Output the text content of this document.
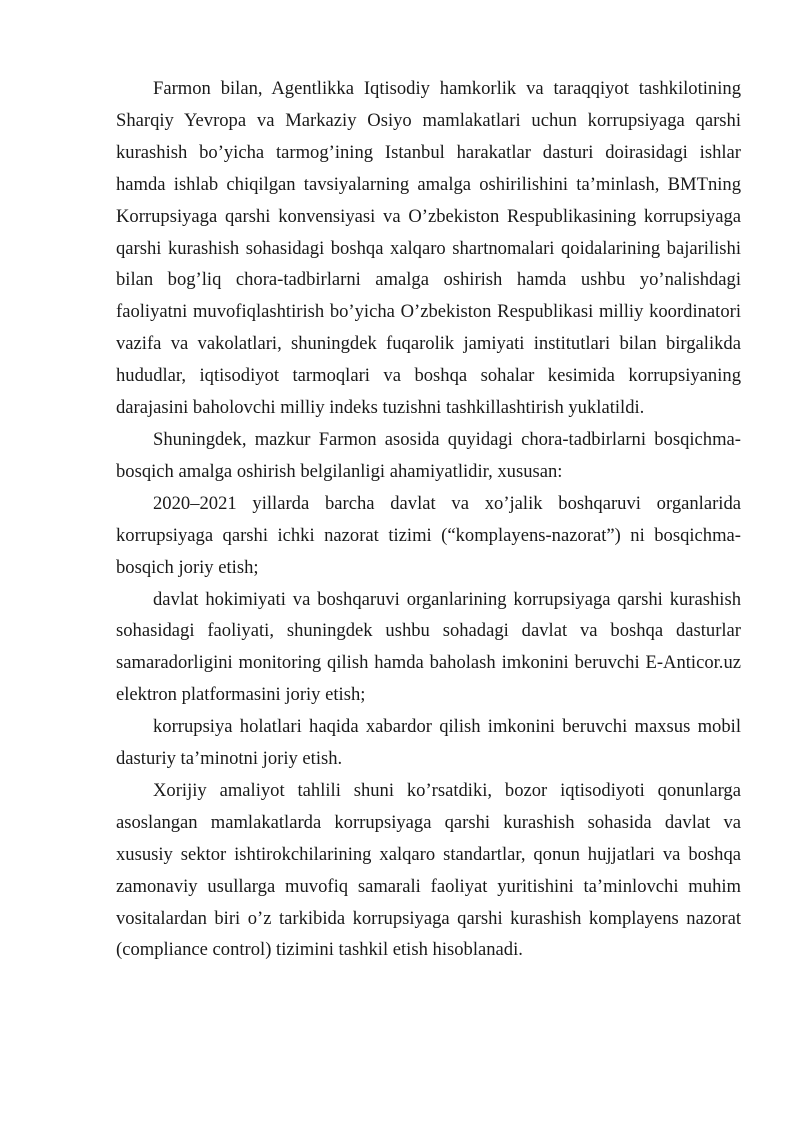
Farmon bilan, Agentlikka Iqtisodiy hamkorlik va taraqqiyot tashkilotining Sharqiy Yevropa va Markaziy Osiyo mamlakatlari uchun korrupsiyaga qarshi kurashish bo’yicha tarmog’ining Istanbul harakatlar dasturi doirasidagi ishlar hamda ishlab chiqilgan tavsiyalarning amalga oshirilishini ta’minlash, BMTning Korrupsiyaga qarshi konvensiyasi va O’zbekiston Respublikasining korrupsiyaga qarshi kurashish sohasidagi boshqa xalqaro shartnomalari qoidalarining bajarilishi bilan bog’liq chora-tadbirlarni amalga oshirish hamda ushbu yo’nalishdagi faoliyatni muvofiqlashtirish bo’yicha O’zbekiston Respublikasi milliy koordinatori vazifa va vakolatlari, shuningdek fuqarolik jamiyati institutlari bilan birgalikda hududlar, iqtisodiyot tarmoqlari va boshqa sohalar kesimida korrupsiyaning darajasini baholovchi milliy indeks tuzishni tashkillashtirish yuklatildi.

Shuningdek, mazkur Farmon asosida quyidagi chora-tadbirlarni bosqichma-bosqich amalga oshirish belgilanligi ahamiyatlidir, xususan:

2020–2021 yillarda barcha davlat va xo’jalik boshqaruvi organlarida korrupsiyaga qarshi ichki nazorat tizimi (“komplayens-nazorat”) ni bosqichma-bosqich joriy etish;

davlat hokimiyati va boshqaruvi organlarining korrupsiyaga qarshi kurashish sohasidagi faoliyati, shuningdek ushbu sohadagi davlat va boshqa dasturlar samaradorligini monitoring qilish hamda baholash imkonini beruvchi E-Anticor.uz elektron platformasini joriy etish;

korrupsiya holatlari haqida xabardor qilish imkonini beruvchi maxsus mobil dasturiy ta’minotni joriy etish.

Xorijiy amaliyot tahlili shuni ko’rsatdiki, bozor iqtisodiyoti qonunlarga asoslangan mamlakatlarda korrupsiyaga qarshi kurashish sohasida davlat va xususiy sektor ishtirokchilarining xalqaro standartlar, qonun hujjatlari va boshqa zamonaviy usullarga muvofiq samarali faoliyat yuritishini ta’minlovchi muhim vositalardan biri o’z tarkibida korrupsiyaga qarshi kurashish komplayens nazorat (compliance control) tizimini tashkil etish hisoblanadi.
